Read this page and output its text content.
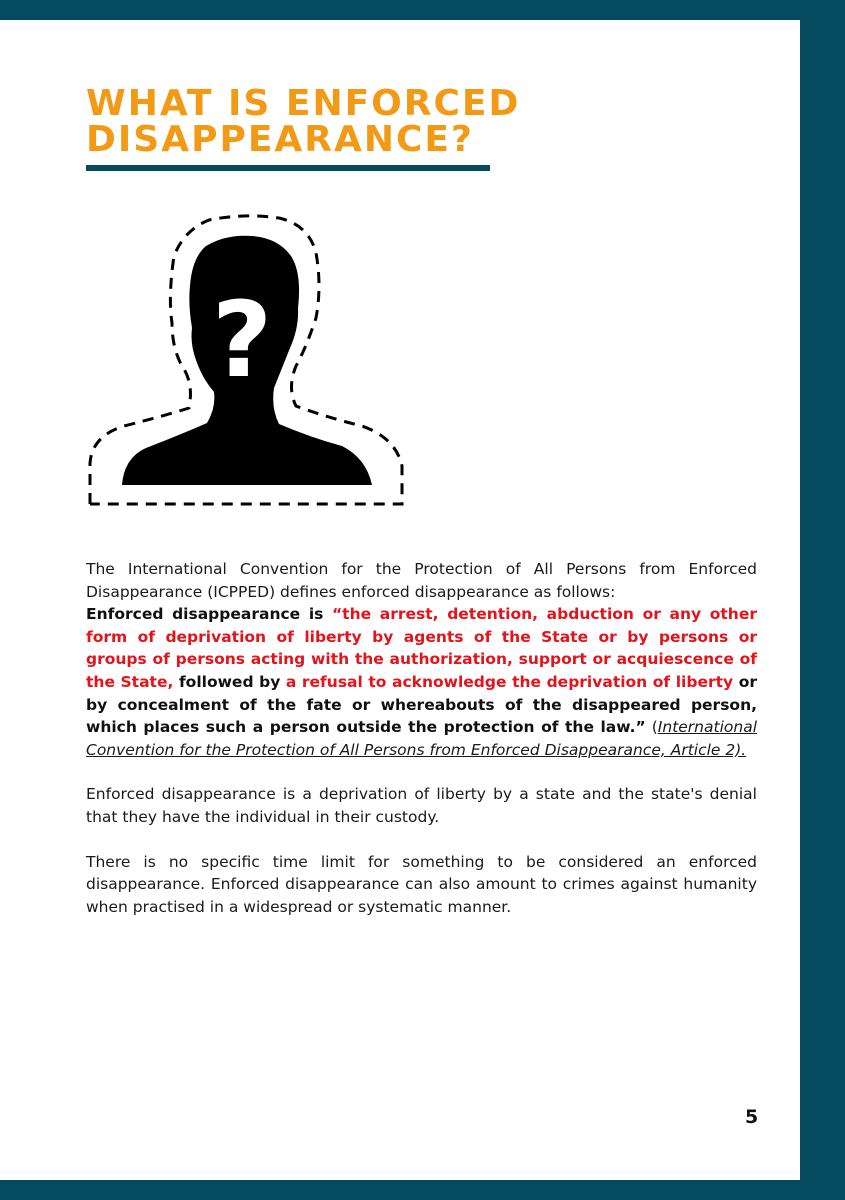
WHAT IS ENFORCED
DISAPPEARANCE?
?

The International Convention for the Protection of All Persons from Enforced Disappearance (ICPPED) defines enforced disappearance as follows:
Enforced disappearance is “the arrest, detention, abduction or any other form of deprivation of liberty by agents of the State or by persons or groups of persons acting with the authorization, support or acquiescence of the State, followed by a refusal to acknowledge the deprivation of liberty or by concealment of the fate or whereabouts of the disappeared person, which places such a person outside the protection of the law.” (International Convention for the Protection of All Persons from Enforced Disappearance, Article 2).

Enforced disappearance is a deprivation of liberty by a state and the state's denial that they have the individual in their custody.

There is no specific time limit for something to be considered an enforced disappearance. Enforced disappearance can also amount to crimes against humanity when practised in a widespread or systematic manner.

5
